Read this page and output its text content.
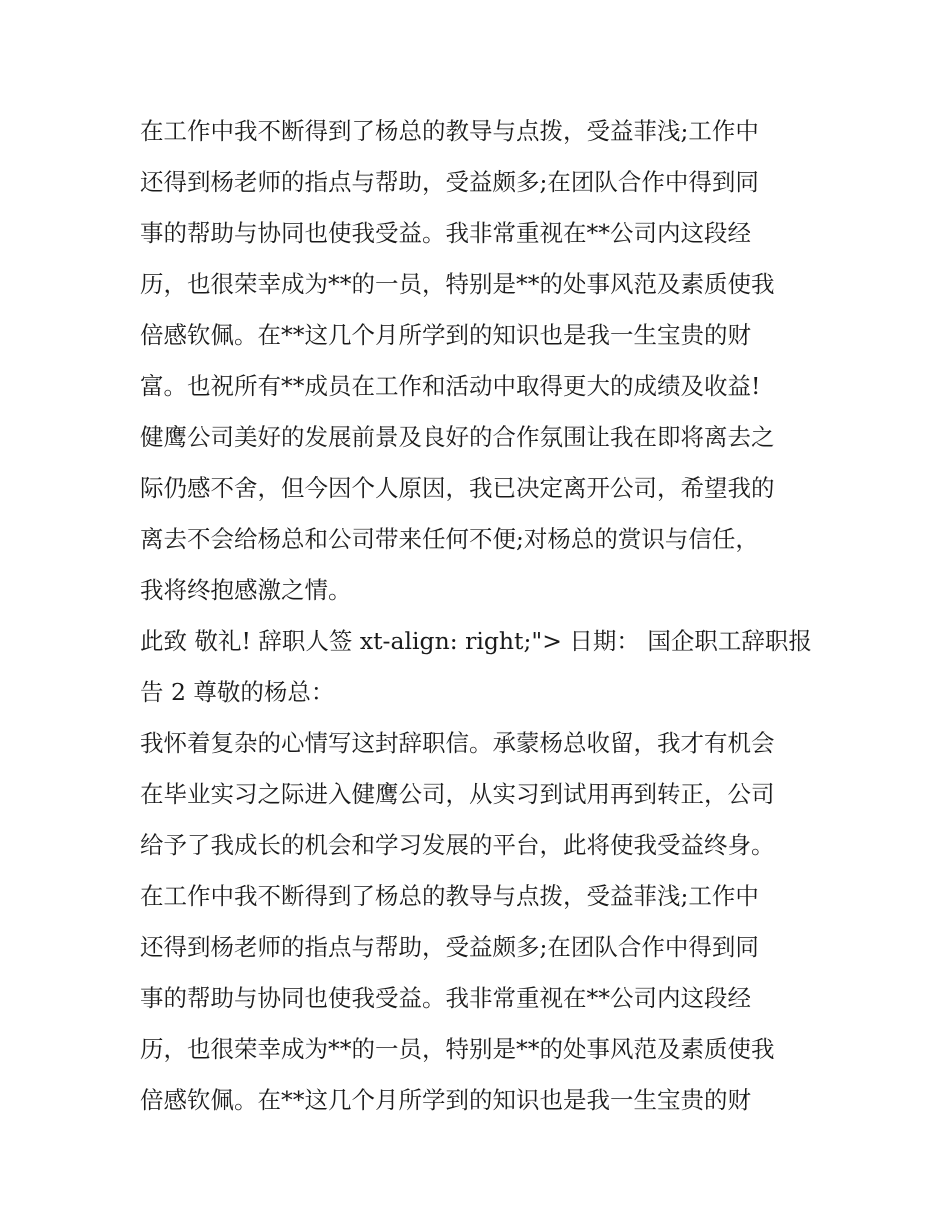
在工作中我不断得到了杨总的教导与点拨，受益菲浅;工作中
还得到杨老师的指点与帮助，受益颇多;在团队合作中得到同
事的帮助与协同也使我受益。我非常重视在**公司内这段经
历，也很荣幸成为**的一员，特别是**的处事风范及素质使我
倍感钦佩。在**这几个月所学到的知识也是我一生宝贵的财
富。也祝所有**成员在工作和活动中取得更大的成绩及收益!
健鹰公司美好的发展前景及良好的合作氛围让我在即将离去之
际仍感不舍，但今因个人原因，我已决定离开公司，希望我的
离去不会给杨总和公司带来任何不便;对杨总的赏识与信任，
我将终抱感激之情。
此致 敬礼! 辞职人签 xt-align: right;"> 日期： 国企职工辞职报
告 2 尊敬的杨总：
我怀着复杂的心情写这封辞职信。承蒙杨总收留，我才有机会
在毕业实习之际进入健鹰公司，从实习到试用再到转正，公司
给予了我成长的机会和学习发展的平台，此将使我受益终身。
在工作中我不断得到了杨总的教导与点拨，受益菲浅;工作中
还得到杨老师的指点与帮助，受益颇多;在团队合作中得到同
事的帮助与协同也使我受益。我非常重视在**公司内这段经
历，也很荣幸成为**的一员，特别是**的处事风范及素质使我
倍感钦佩。在**这几个月所学到的知识也是我一生宝贵的财
